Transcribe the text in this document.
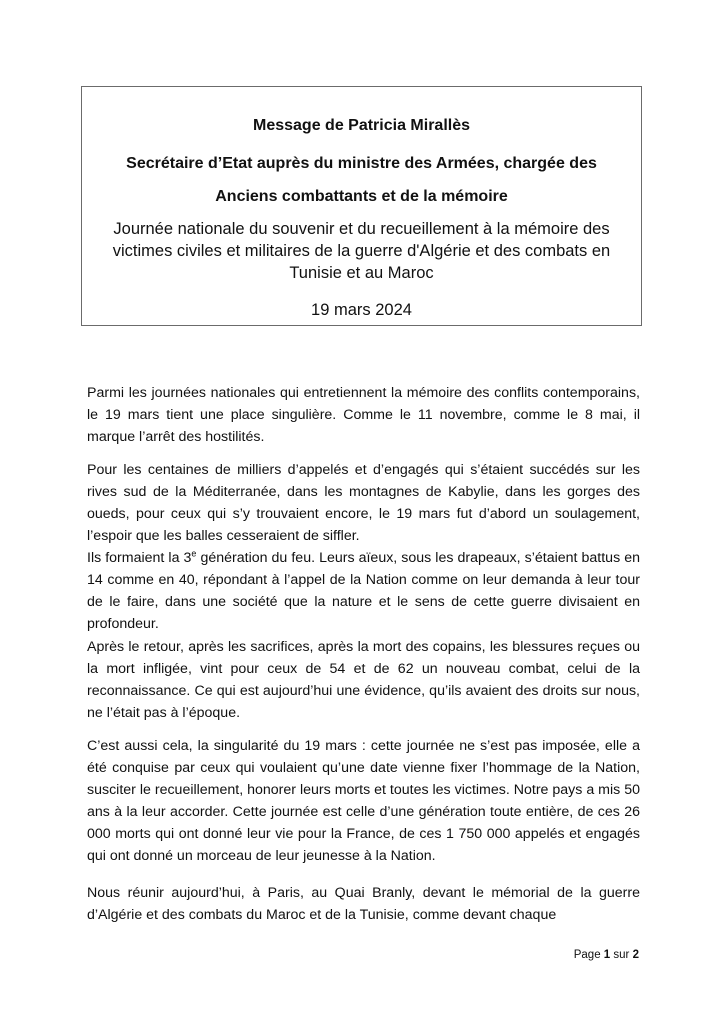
Message de Patricia Mirallès
Secrétaire d’Etat auprès du ministre des Armées, chargée des
Anciens combattants et de la mémoire
Journée nationale du souvenir et du recueillement à la mémoire des victimes civiles et militaires de la guerre d'Algérie et des combats en Tunisie et au Maroc
19 mars 2024

Parmi les journées nationales qui entretiennent la mémoire des conflits contemporains, le 19 mars tient une place singulière. Comme le 11 novembre, comme le 8 mai, il marque l’arrêt des hostilités.

Pour les centaines de milliers d’appelés et d’engagés qui s’étaient succédés sur les rives sud de la Méditerranée, dans les montagnes de Kabylie, dans les gorges des oueds, pour ceux qui s’y trouvaient encore, le 19 mars fut d’abord un soulagement, l’espoir que les balles cesseraient de siffler.

Ils formaient la 3e génération du feu. Leurs aïeux, sous les drapeaux, s’étaient battus en 14 comme en 40, répondant à l’appel de la Nation comme on leur demanda à leur tour de le faire, dans une société que la nature et le sens de cette guerre divisaient en profondeur.

Après le retour, après les sacrifices, après la mort des copains, les blessures reçues ou la mort infligée, vint pour ceux de 54 et de 62 un nouveau combat, celui de la reconnaissance. Ce qui est aujourd’hui une évidence, qu’ils avaient des droits sur nous, ne l’était pas à l’époque.

C’est aussi cela, la singularité du 19 mars : cette journée ne s’est pas imposée, elle a été conquise par ceux qui voulaient qu’une date vienne fixer l’hommage de la Nation, susciter le recueillement, honorer leurs morts et toutes les victimes. Notre pays a mis 50 ans à la leur accorder. Cette journée est celle d’une génération toute entière, de ces 26 000 morts qui ont donné leur vie pour la France, de ces 1 750 000 appelés et engagés qui ont donné un morceau de leur jeunesse à la Nation.

Nous réunir aujourd’hui, à Paris, au Quai Branly, devant le mémorial de la guerre d’Algérie et des combats du Maroc et de la Tunisie, comme devant chaque

Page 1 sur 2
